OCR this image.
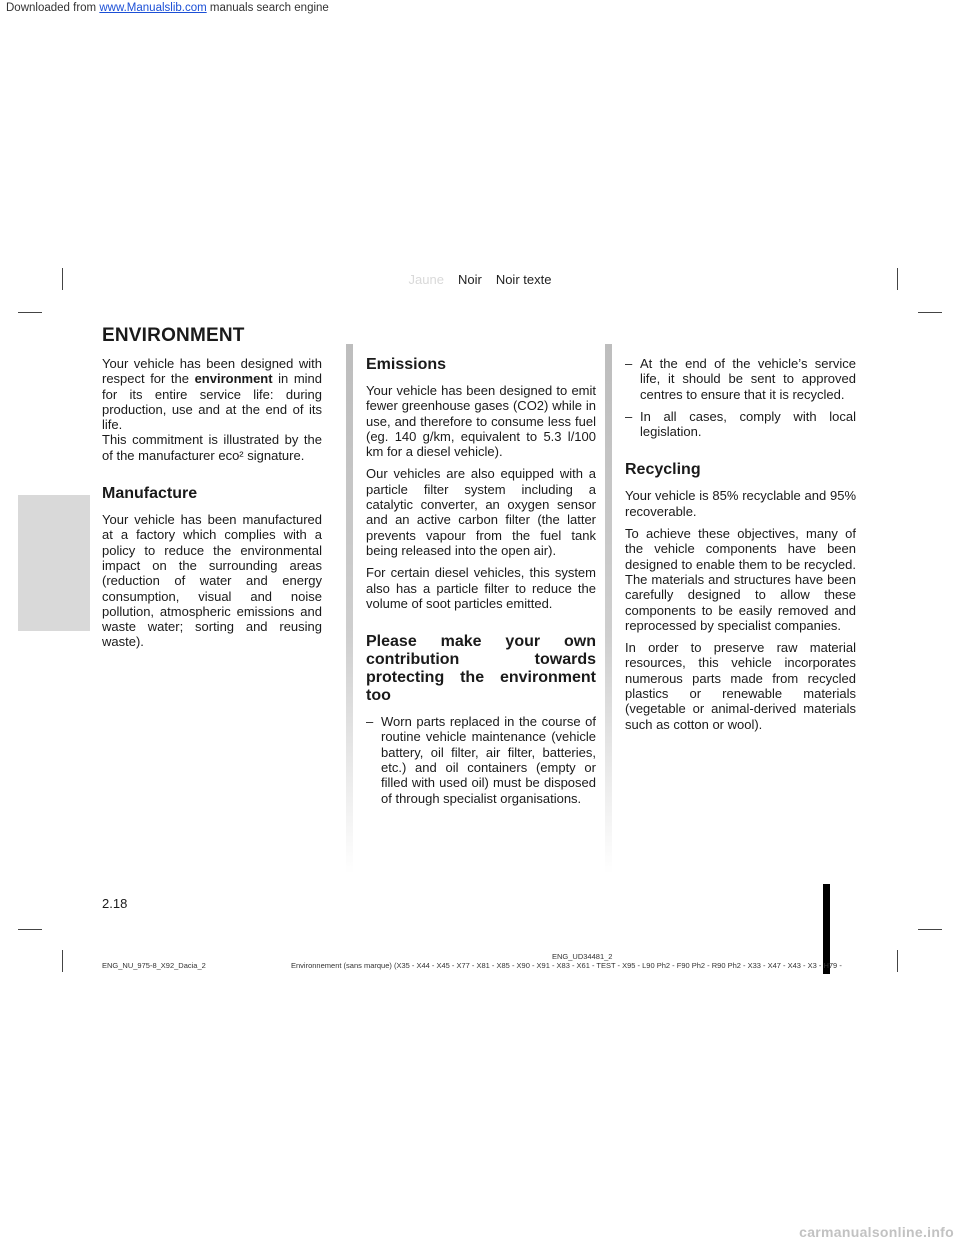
Downloaded from www.Manualslib.com manuals search engine
Jaune Noir Noir texte
ENVIRONMENT

Your vehicle has been designed with respect for the environment in mind for its entire service life: during production, use and at the end of its life.

This commitment is illustrated by the of the manufacturer eco² signature.

Manufacture

Your vehicle has been manufactured at a factory which complies with a policy to reduce the environmental impact on the surrounding areas (reduction of water and energy consumption, visual and noise pollution, atmospheric emissions and waste water; sorting and reusing waste).

Emissions

Your vehicle has been designed to emit fewer greenhouse gases (CO2) while in use, and therefore to consume less fuel (eg. 140 g/km, equivalent to 5.3 l/100 km for a diesel vehicle).

Our vehicles are also equipped with a particle filter system including a catalytic converter, an oxygen sensor and an active carbon filter (the latter prevents vapour from the fuel tank being released into the open air).

For certain diesel vehicles, this system also has a particle filter to reduce the volume of soot particles emitted.

Please make your own contribution towards protecting the environment too
– Worn parts replaced in the course of routine vehicle maintenance (vehicle battery, oil filter, air filter, batteries, etc.) and oil containers (empty or filled with used oil) must be disposed of through specialist organisations.
– At the end of the vehicle’s service life, it should be sent to approved centres to ensure that it is recycled.
– In all cases, comply with local legislation.
Recycling

Your vehicle is 85% recyclable and 95% recoverable.

To achieve these objectives, many of the vehicle components have been designed to enable them to be recycled. The materials and structures have been carefully designed to allow these components to be easily removed and reprocessed by specialist companies.

In order to preserve raw material resources, this vehicle incorporates numerous parts made from recycled plastics or renewable materials (vegetable or animal-derived materials such as cotton or wool).

2.18
ENG_UD34481_2
ENG_NU_975-8_X92_Dacia_2	Environnement (sans marque) (X35 - X44 - X45 - X77 - X81 - X85 - X90 - X91 - X83 - X61 - TEST - X95 - L90 Ph2 - F90 Ph2 - R90 Ph2 - X33 - X47 - X43 - X3 - H79 -
carmanualsonline.info
